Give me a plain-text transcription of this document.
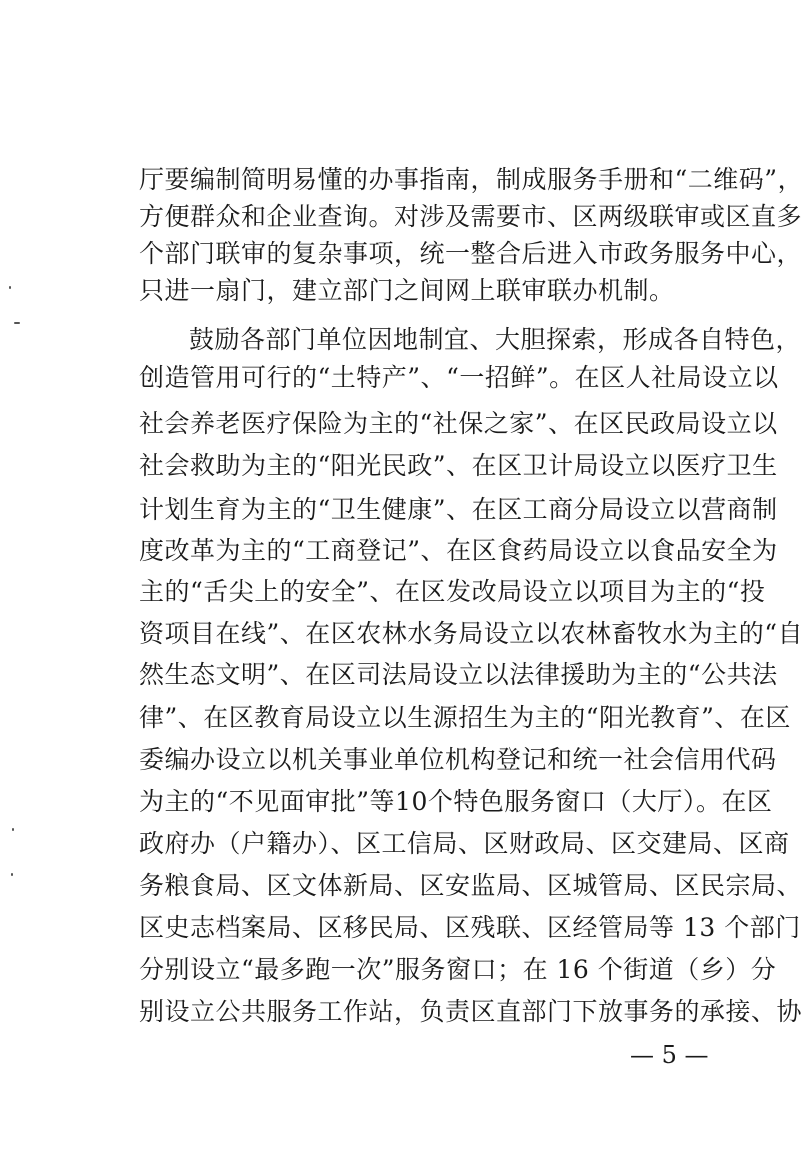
厅要编制简明易懂的办事指南，制成服务手册和“二维码”，

方便群众和企业查询。对涉及需要市、区两级联审或区直多

个部门联审的复杂事项，统一整合后进入市政务服务中心，

只进一扇门，建立部门之间网上联审联办机制。

鼓励各部门单位因地制宜、大胆探索，形成各自特色，

创造管用可行的“土特产”、“一招鲜”。在区人社局设立以

社会养老医疗保险为主的“社保之家”、在区民政局设立以

社会救助为主的“阳光民政”、在区卫计局设立以医疗卫生

计划生育为主的“卫生健康”、在区工商分局设立以营商制

度改革为主的“工商登记”、在区食药局设立以食品安全为

主的“舌尖上的安全”、在区发改局设立以项目为主的“投

资项目在线”、在区农林水务局设立以农林畜牧水为主的“自

然生态文明”、在区司法局设立以法律援助为主的“公共法

律”、在区教育局设立以生源招生为主的“阳光教育”、在区

委编办设立以机关事业单位机构登记和统一社会信用代码

为主的“不见面审批”等10个特色服务窗口（大厅）。在区

政府办（户籍办）、区工信局、区财政局、区交建局、区商

务粮食局、区文体新局、区安监局、区城管局、区民宗局、

区史志档案局、区移民局、区残联、区经管局等 13 个部门

分别设立“最多跑一次”服务窗口；在 16 个街道（乡）分

别设立公共服务工作站，负责区直部门下放事务的承接、协

— 5 —
